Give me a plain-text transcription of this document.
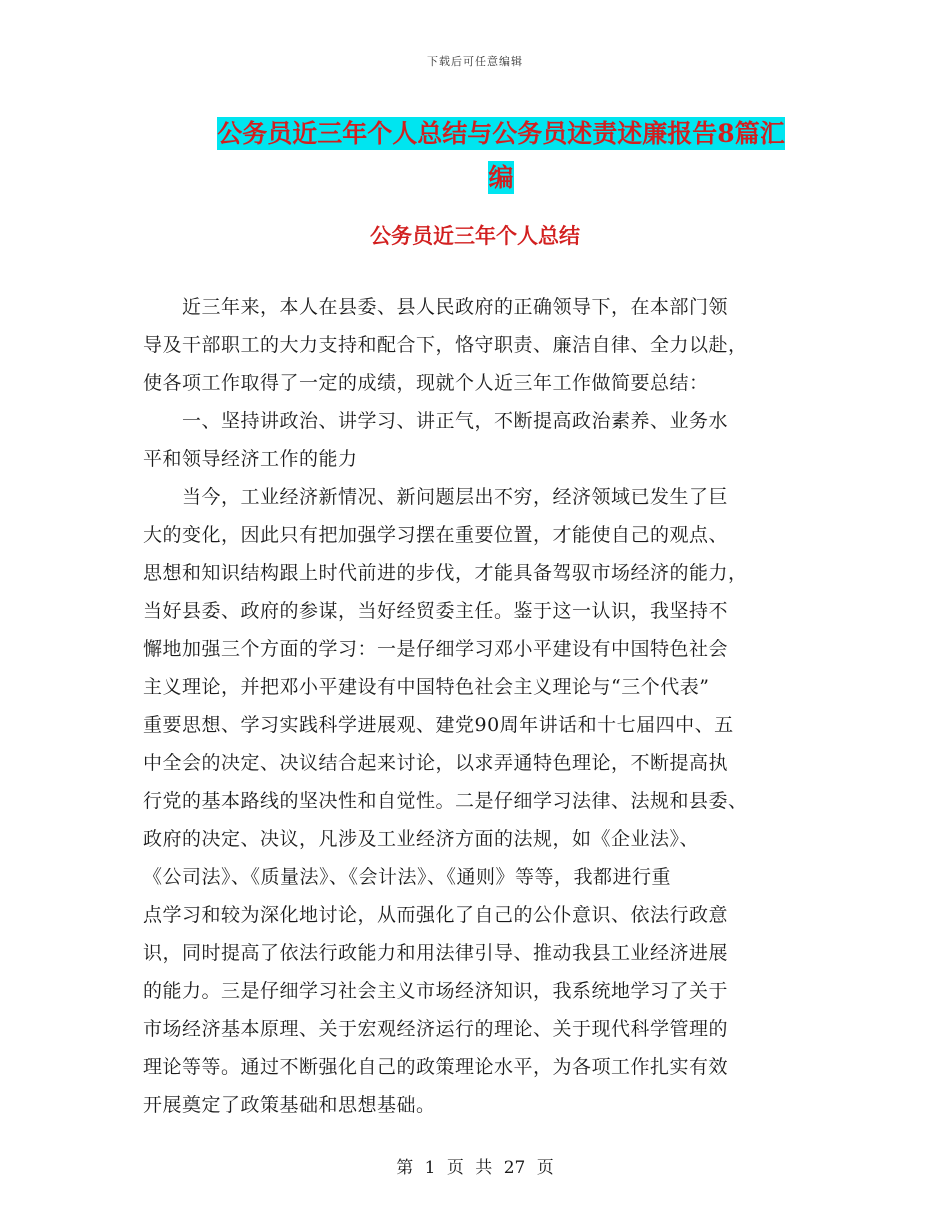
下载后可任意编辑
公务员近三年个人总结与公务员述责述廉报告8篇汇
编
公务员近三年个人总结
　　近三年来，本人在县委、县人民政府的正确领导下，在本部门领
导及干部职工的大力支持和配合下，恪守职责、廉洁自律、全力以赴，
使各项工作取得了一定的成绩，现就个人近三年工作做简要总结：
　　一、坚持讲政治、讲学习、讲正气，不断提高政治素养、业务水
平和领导经济工作的能力
　　当今，工业经济新情况、新问题层出不穷，经济领域已发生了巨
大的变化，因此只有把加强学习摆在重要位置，才能使自己的观点、
思想和知识结构跟上时代前进的步伐，才能具备驾驭市场经济的能力，
当好县委、政府的参谋，当好经贸委主任。鉴于这一认识，我坚持不
懈地加强三个方面的学习：一是仔细学习邓小平建设有中国特色社会
主义理论，并把邓小平建设有中国特色社会主义理论与“三个代表”
重要思想、学习实践科学进展观、建党90周年讲话和十七届四中、五
中全会的决定、决议结合起来讨论，以求弄通特色理论，不断提高执
行党的基本路线的坚决性和自觉性。二是仔细学习法律、法规和县委、
政府的决定、决议，凡涉及工业经济方面的法规，如《企业法》、
《公司法》、《质量法》、《会计法》、《通则》等等，我都进行重
点学习和较为深化地讨论，从而强化了自己的公仆意识、依法行政意
识，同时提高了依法行政能力和用法律引导、推动我县工业经济进展
的能力。三是仔细学习社会主义市场经济知识，我系统地学习了关于
市场经济基本原理、关于宏观经济运行的理论、关于现代科学管理的
理论等等。通过不断强化自己的政策理论水平，为各项工作扎实有效
开展奠定了政策基础和思想基础。
第 1 页 共 27 页
